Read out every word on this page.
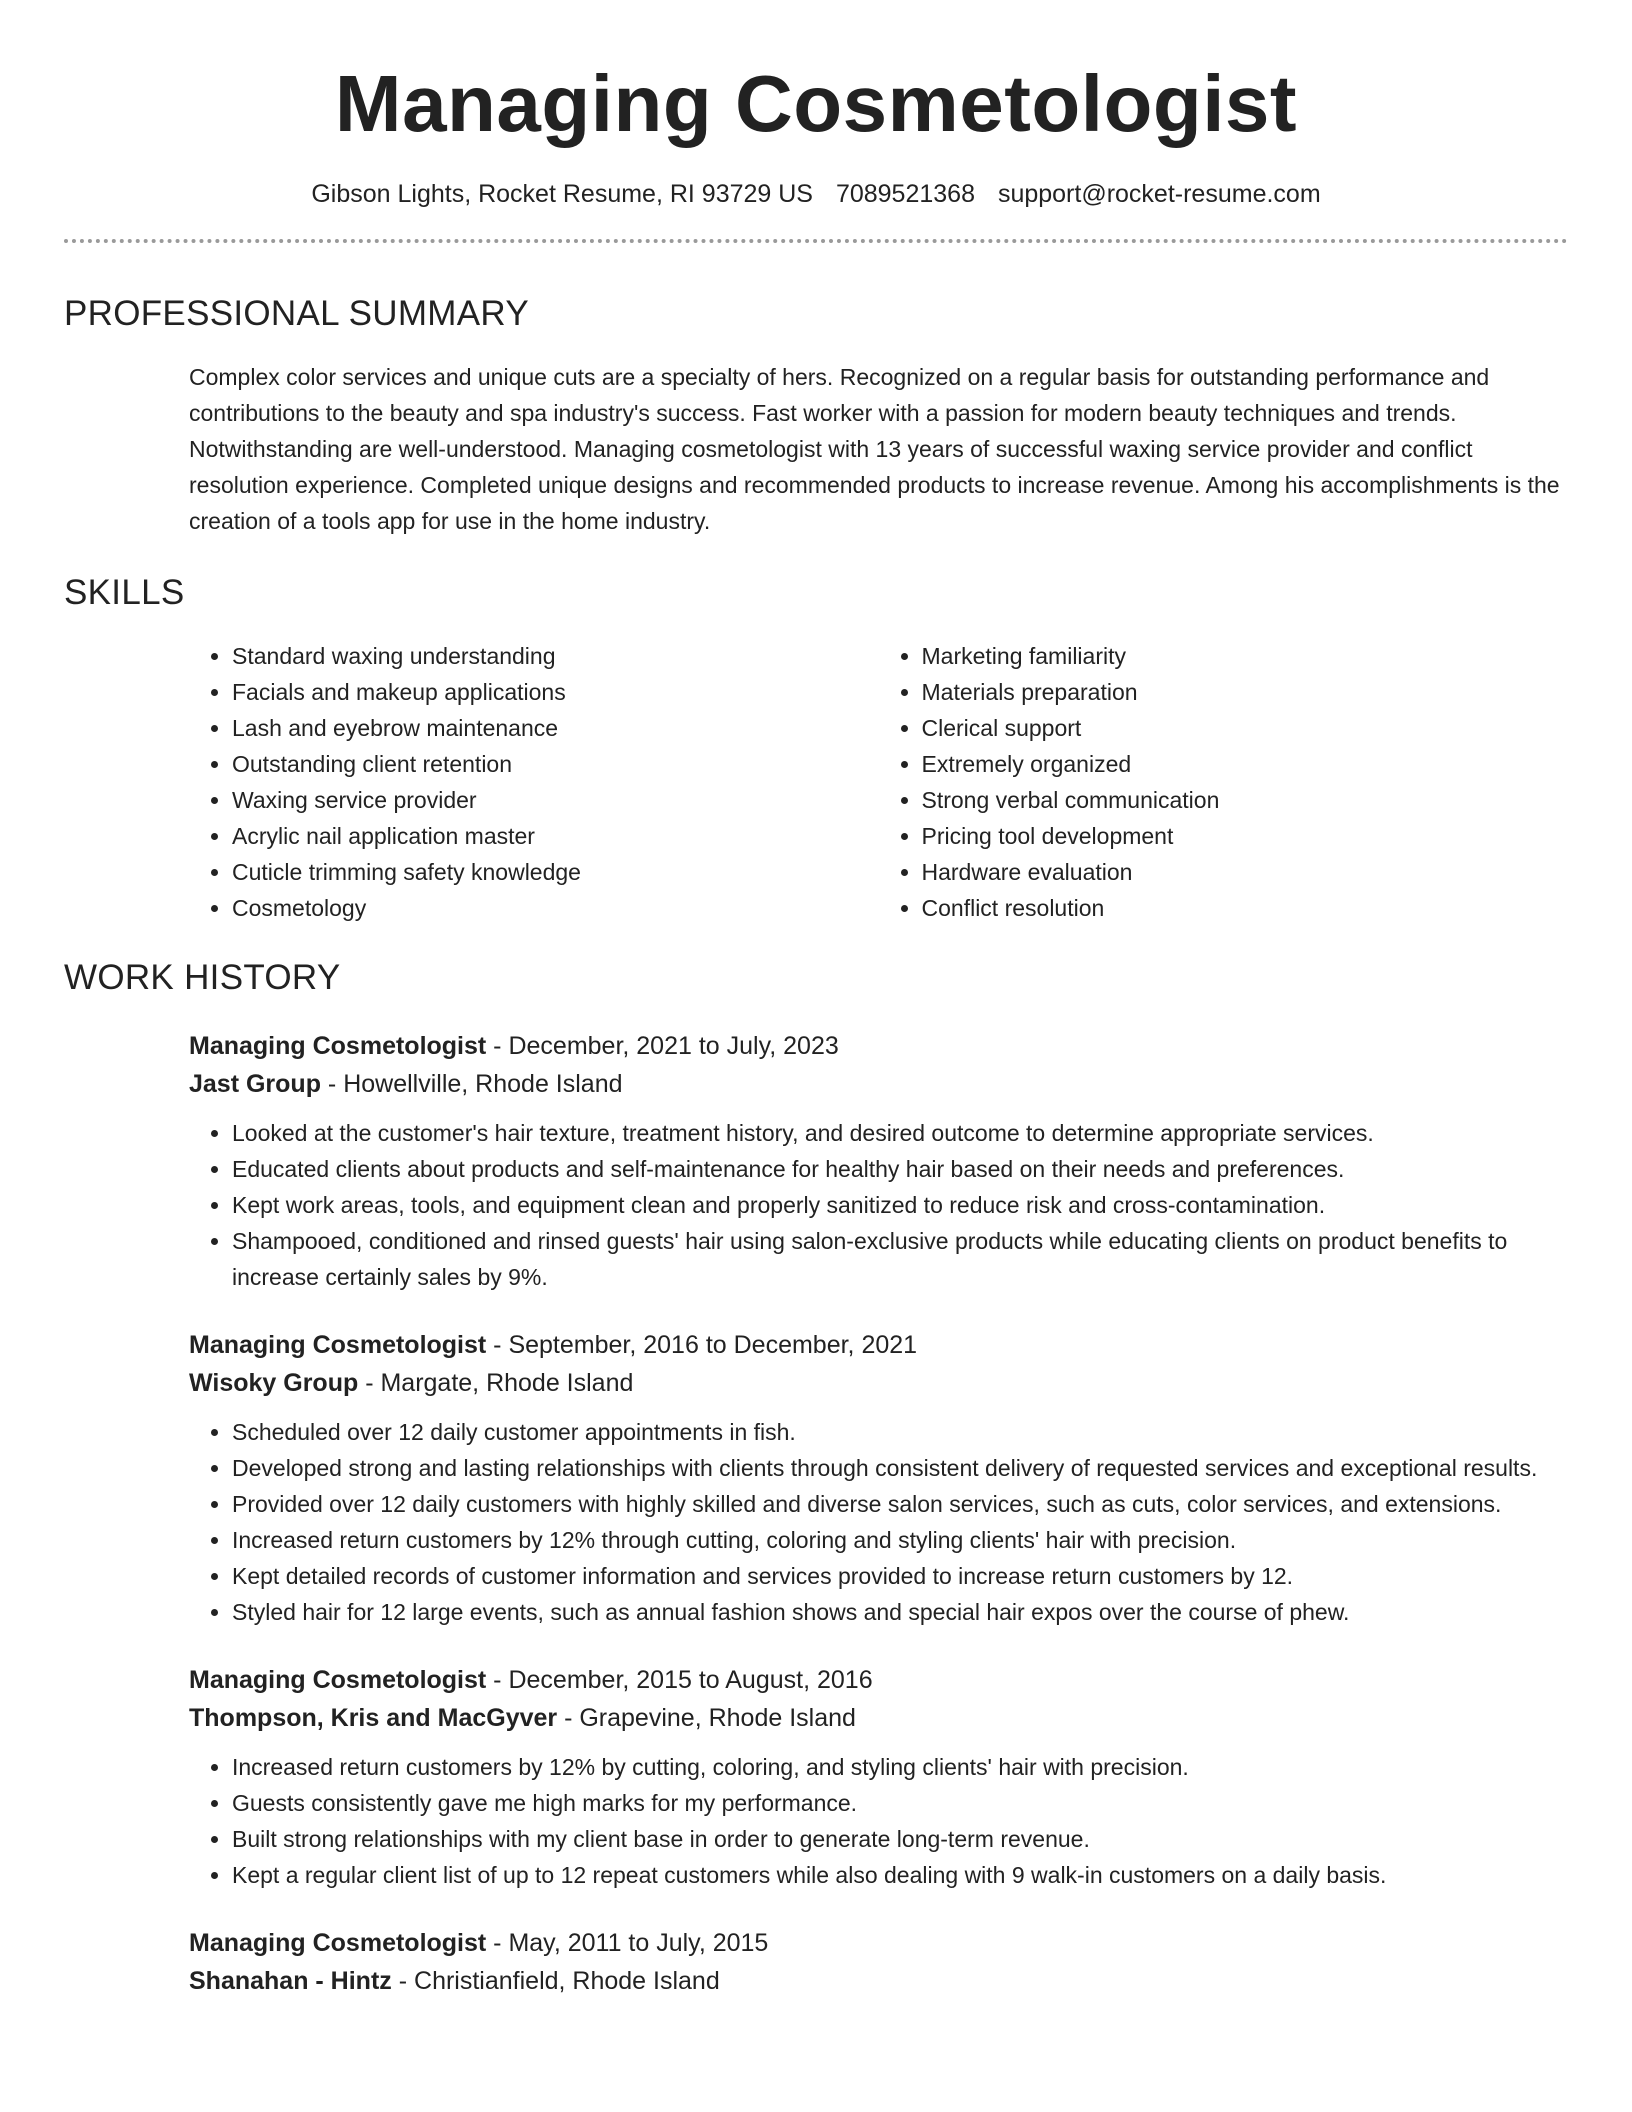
Managing Cosmetologist
Gibson Lights, Rocket Resume, RI 93729 US 7089521368 support@rocket-resume.com
PROFESSIONAL SUMMARY

Complex color services and unique cuts are a specialty of hers. Recognized on a regular basis for outstanding performance and contributions to the beauty and spa industry's success. Fast worker with a passion for modern beauty techniques and trends. Notwithstanding are well-understood. Managing cosmetologist with 13 years of successful waxing service provider and conflict resolution experience. Completed unique designs and recommended products to increase revenue. Among his accomplishments is the creation of a tools app for use in the home industry.

SKILLS
• Standard waxing understanding
• Facials and makeup applications
• Lash and eyebrow maintenance
• Outstanding client retention
• Waxing service provider
• Acrylic nail application master
• Cuticle trimming safety knowledge
• Cosmetology
• Marketing familiarity
• Materials preparation
• Clerical support
• Extremely organized
• Strong verbal communication
• Pricing tool development
• Hardware evaluation
• Conflict resolution
WORK HISTORY
Managing Cosmetologist - December, 2021 to July, 2023
Jast Group - Howellville, Rhode Island
• Looked at the customer's hair texture, treatment history, and desired outcome to determine appropriate services.
• Educated clients about products and self-maintenance for healthy hair based on their needs and preferences.
• Kept work areas, tools, and equipment clean and properly sanitized to reduce risk and cross-contamination.
• Shampooed, conditioned and rinsed guests' hair using salon-exclusive products while educating clients on product benefits to increase certainly sales by 9%.
Managing Cosmetologist - September, 2016 to December, 2021
Wisoky Group - Margate, Rhode Island
• Scheduled over 12 daily customer appointments in fish.
• Developed strong and lasting relationships with clients through consistent delivery of requested services and exceptional results.
• Provided over 12 daily customers with highly skilled and diverse salon services, such as cuts, color services, and extensions.
• Increased return customers by 12% through cutting, coloring and styling clients' hair with precision.
• Kept detailed records of customer information and services provided to increase return customers by 12.
• Styled hair for 12 large events, such as annual fashion shows and special hair expos over the course of phew.
Managing Cosmetologist - December, 2015 to August, 2016
Thompson, Kris and MacGyver - Grapevine, Rhode Island
• Increased return customers by 12% by cutting, coloring, and styling clients' hair with precision.
• Guests consistently gave me high marks for my performance.
• Built strong relationships with my client base in order to generate long-term revenue.
• Kept a regular client list of up to 12 repeat customers while also dealing with 9 walk-in customers on a daily basis.
Managing Cosmetologist - May, 2011 to July, 2015
Shanahan - Hintz - Christianfield, Rhode Island
